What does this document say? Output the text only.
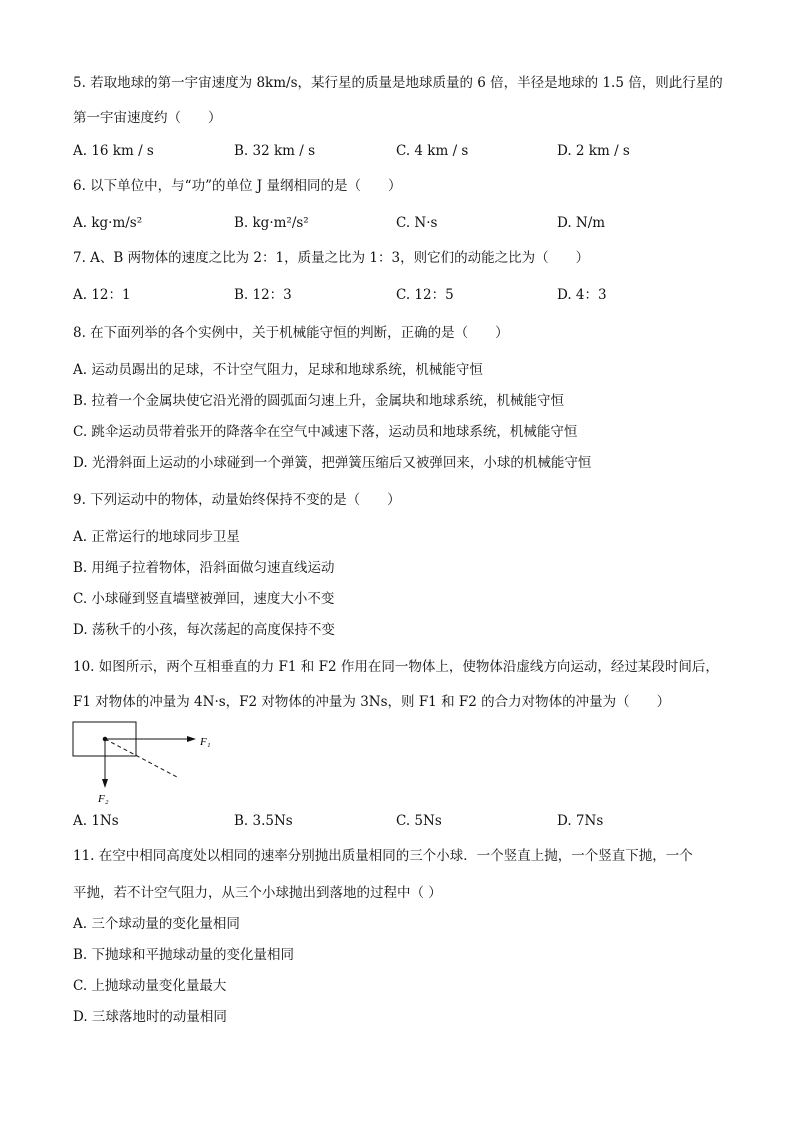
5. 若取地球的第一宇宙速度为 8km/s，某行星的质量是地球质量的 6 倍，半径是地球的 1.5 倍，则此行星的
第一宇宙速度约（　　）
A. 16 km / s	B. 32 km / s	C. 4 km / s	D. 2 km / s
6. 以下单位中，与“功”的单位 J 量纲相同的是（　　）
A. kg·m/s²	B. kg·m²/s²	C. N·s	D. N/m
7. A、B 两物体的速度之比为 2：1，质量之比为 1：3，则它们的动能之比为（　　）
A. 12：1	B. 12：3	C. 12：5	D. 4：3
8. 在下面列举的各个实例中，关于机械能守恒的判断，正确的是（　　）
A. 运动员踢出的足球，不计空气阻力，足球和地球系统，机械能守恒
B. 拉着一个金属块使它沿光滑的圆弧面匀速上升，金属块和地球系统，机械能守恒
C. 跳伞运动员带着张开的降落伞在空气中减速下落，运动员和地球系统，机械能守恒
D. 光滑斜面上运动的小球碰到一个弹簧，把弹簧压缩后又被弹回来，小球的机械能守恒
9. 下列运动中的物体，动量始终保持不变的是（　　）
A. 正常运行的地球同步卫星
B. 用绳子拉着物体，沿斜面做匀速直线运动
C. 小球碰到竖直墙壁被弹回，速度大小不变
D. 荡秋千的小孩，每次荡起的高度保持不变
10. 如图所示，两个互相垂直的力 F1 和 F2 作用在同一物体上，使物体沿虚线方向运动，经过某段时间后，
F1 对物体的冲量为 4N·s，F2 对物体的冲量为 3Ns，则 F1 和 F2 的合力对物体的冲量为（　　）
F₁
F₂
A. 1Ns	B. 3.5Ns	C. 5Ns	D. 7Ns
11. 在空中相同高度处以相同的速率分别抛出质量相同的三个小球．一个竖直上抛，一个竖直下抛，一个
平抛，若不计空气阻力，从三个小球抛出到落地的过程中（ ）
A. 三个球动量的变化量相同
B. 下抛球和平抛球动量的变化量相同
C. 上抛球动量变化量最大
D. 三球落地时的动量相同
